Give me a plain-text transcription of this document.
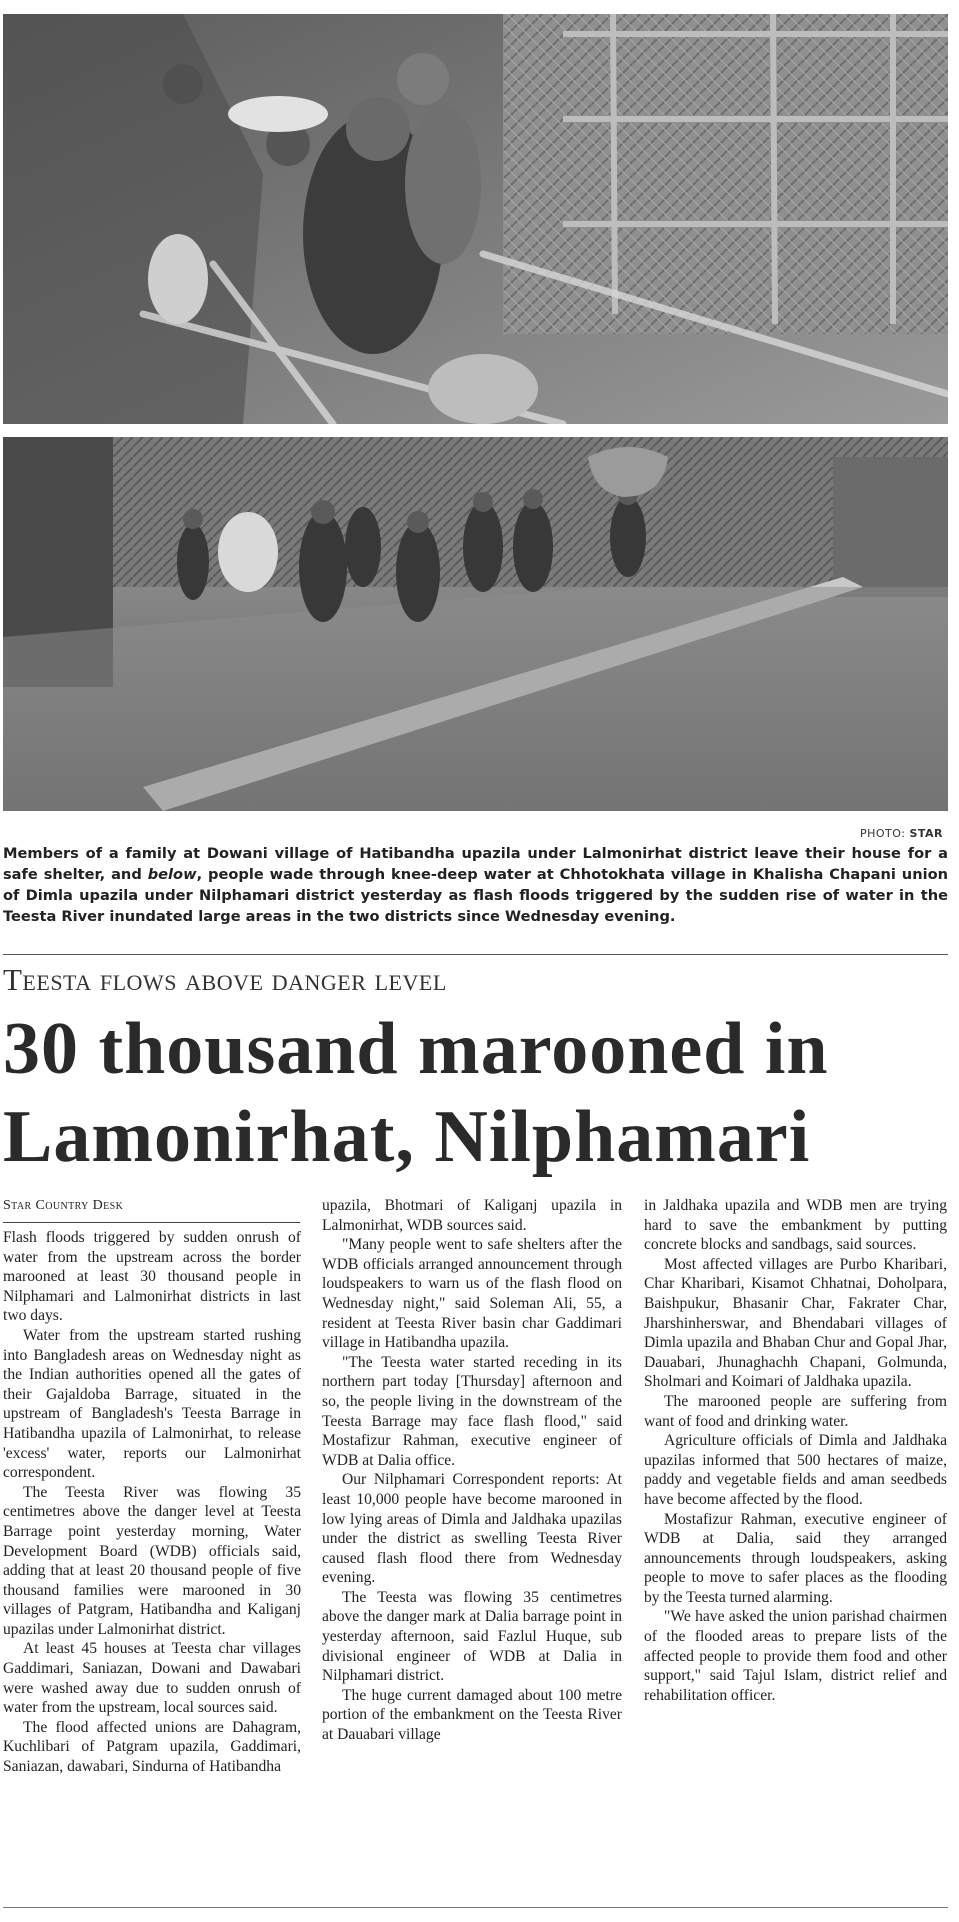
PHOTO: STAR
Members of a family at Dowani village of Hatibandha upazila under Lalmonirhat district leave their house for a safe shelter, and below, people wade through knee-deep water at Chhotokhata village in Khalisha Chapani union of Dimla upazila under Nilphamari district yesterday as flash floods triggered by the sudden rise of water in the Teesta River inundated large areas in the two districts since Wednesday evening.
Teesta flows above danger level
30 thousand marooned in Lamonirhat, Nilphamari
Star Country Desk

Flash floods triggered by sudden onrush of water from the upstream across the border marooned at least 30 thousand people in Nilphamari and Lalmonirhat districts in last two days.

Water from the upstream started rushing into Bangladesh areas on Wednesday night as the Indian authorities opened all the gates of their Gajaldoba Barrage, situated in the upstream of Bangladesh's Teesta Barrage in Hatibandha upazila of Lalmonirhat, to release 'excess' water, reports our Lalmonirhat correspondent.

The Teesta River was flowing 35 centimetres above the danger level at Teesta Barrage point yesterday morning, Water Development Board (WDB) officials said, adding that at least 20 thousand people of five thousand families were marooned in 30 villages of Patgram, Hatibandha and Kaliganj upazilas under Lalmonirhat district.

At least 45 houses at Teesta char villages Gaddimari, Saniazan, Dowani and Dawabari were washed away due to sudden onrush of water from the upstream, local sources said.

The flood affected unions are Dahagram, Kuchlibari of Patgram upazila, Gaddimari, Saniazan, dawabari, Sindurna of Hatibandha

upazila, Bhotmari of Kaliganj upazila in Lalmonirhat, WDB sources said.

"Many people went to safe shelters after the WDB officials arranged announcement through loudspeakers to warn us of the flash flood on Wednesday night," said Soleman Ali, 55, a resident at Teesta River basin char Gaddimari village in Hatibandha upazila.

"The Teesta water started receding in its northern part today [Thursday] afternoon and so, the people living in the downstream of the Teesta Barrage may face flash flood," said Mostafizur Rahman, executive engineer of WDB at Dalia office.

Our Nilphamari Correspondent reports: At least 10,000 people have become marooned in low lying areas of Dimla and Jaldhaka upazilas under the district as swelling Teesta River caused flash flood there from Wednesday evening.

The Teesta was flowing 35 centimetres above the danger mark at Dalia barrage point in yesterday afternoon, said Fazlul Huque, sub divisional engineer of WDB at Dalia in Nilphamari district.

The huge current damaged about 100 metre portion of the embankment on the Teesta River at Dauabari village

in Jaldhaka upazila and WDB men are trying hard to save the embankment by putting concrete blocks and sandbags, said sources.

Most affected villages are Purbo Kharibari, Char Kharibari, Kisamot Chhatnai, Doholpara, Baishpukur, Bhasanir Char, Fakrater Char, Jharshinherswar, and Bhendabari villages of Dimla upazila and Bhaban Chur and Gopal Jhar, Dauabari, Jhunaghachh Chapani, Golmunda, Sholmari and Koimari of Jaldhaka upazila.

The marooned people are suffering from want of food and drinking water.

Agriculture officials of Dimla and Jaldhaka upazilas informed that 500 hectares of maize, paddy and vegetable fields and aman seedbeds have become affected by the flood.

Mostafizur Rahman, executive engineer of WDB at Dalia, said they arranged announcements through loudspeakers, asking people to move to safer places as the flooding by the Teesta turned alarming.

"We have asked the union parishad chairmen of the flooded areas to prepare lists of the affected people to provide them food and other support," said Tajul Islam, district relief and rehabilitation officer.
